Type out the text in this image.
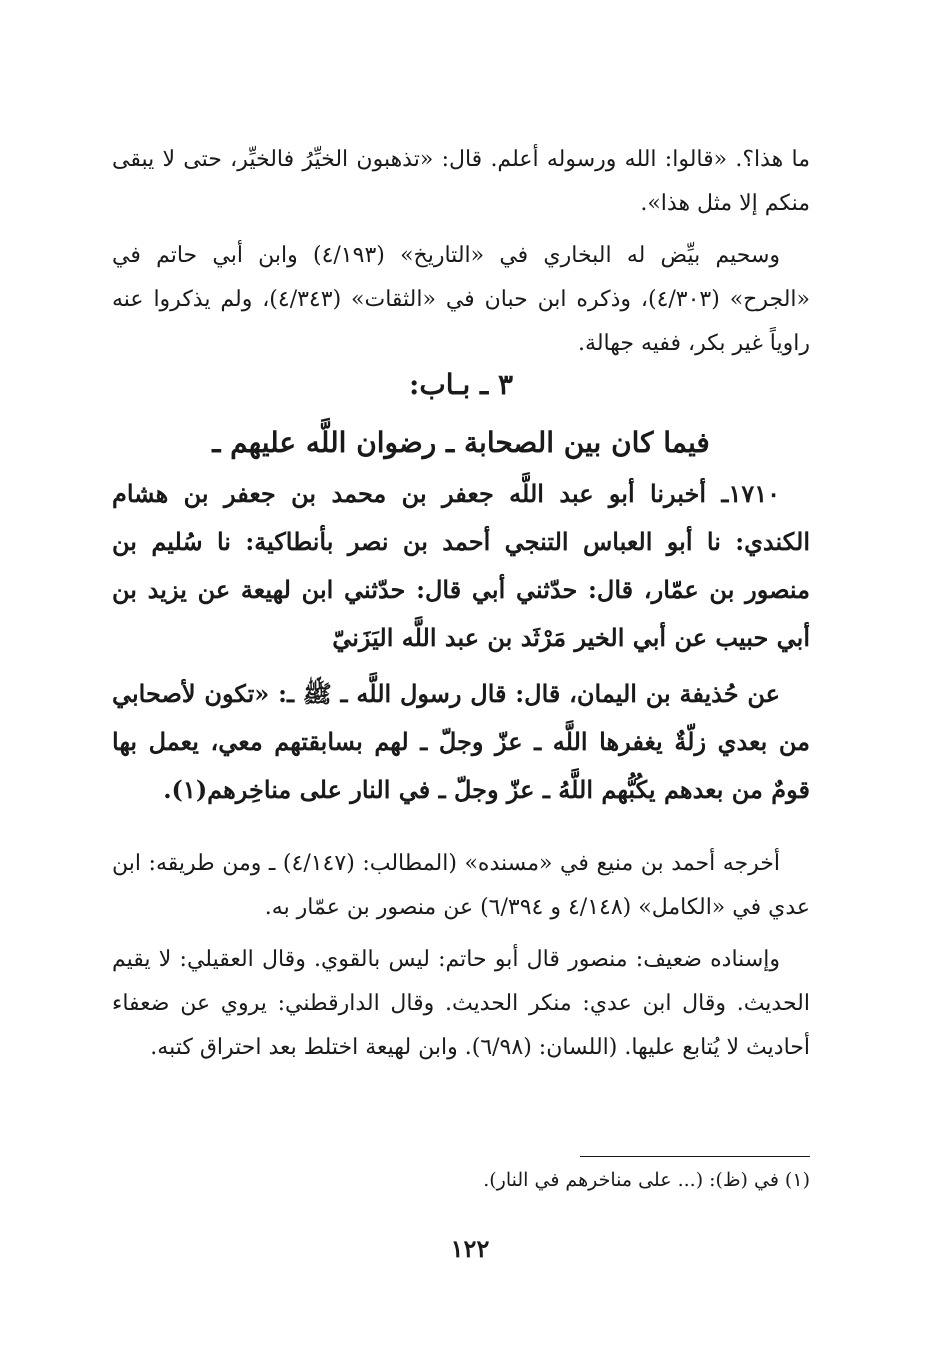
ما هذا؟. «قالوا: الله ورسوله أعلم. قال: «تذهبون الخيِّرُ فالخيِّر، حتى لا يبقى منكم إلا مثل هذا».

وسحيم بيِّض له البخاري في «التاريخ» (٤/١٩٣) وابن أبي حاتم في «الجرح» (٤/٣٠٣)، وذكره ابن حبان في «الثقات» (٤/٣٤٣)، ولم يذكروا عنه راوياً غير بكر، ففيه جهالة.

٣ ـ بـاب:

فيما كان بين الصحابة ـ رضوان اللَّه عليهم ـ

١٧١٠ـ أخبرنا أبو عبد اللَّه جعفر بن محمد بن جعفر بن هشام الكندي: نا أبو العباس التنجي أحمد بن نصر بأنطاكية: نا سُليم بن منصور بن عمّار، قال: حدّثني أبي قال: حدّثني ابن لهيعة عن يزيد بن أبي حبيب عن أبي الخير مَرْثَد بن عبد اللَّه اليَزَنيّ

عن حُذيفة بن اليمان، قال: قال رسول اللَّه ـ ﷺ ـ: «تكون لأصحابي من بعدي زلّةٌ يغفرها اللَّه ـ عزّ وجلّ ـ لهم بسابقتهم معي، يعمل بها قومٌ من بعدهم يكُبُّهم اللَّهُ ـ عزّ وجلّ ـ في النار على مناخِرهم(١).

أخرجه أحمد بن منيع في «مسنده» (المطالب: (٤/١٤٧) ـ ومن طريقه: ابن عدي في «الكامل» (٤/١٤٨ و ٦/٣٩٤) عن منصور بن عمّار به.

وإسناده ضعيف: منصور قال أبو حاتم: ليس بالقوي. وقال العقيلي: لا يقيم الحديث. وقال ابن عدي: منكر الحديث. وقال الدارقطني: يروي عن ضعفاء أحاديث لا يُتابع عليها. (اللسان: (٦/٩٨). وابن لهيعة اختلط بعد احتراق كتبه.

(١) في (ظ): (... على مناخرهم في النار).
١٢٢
